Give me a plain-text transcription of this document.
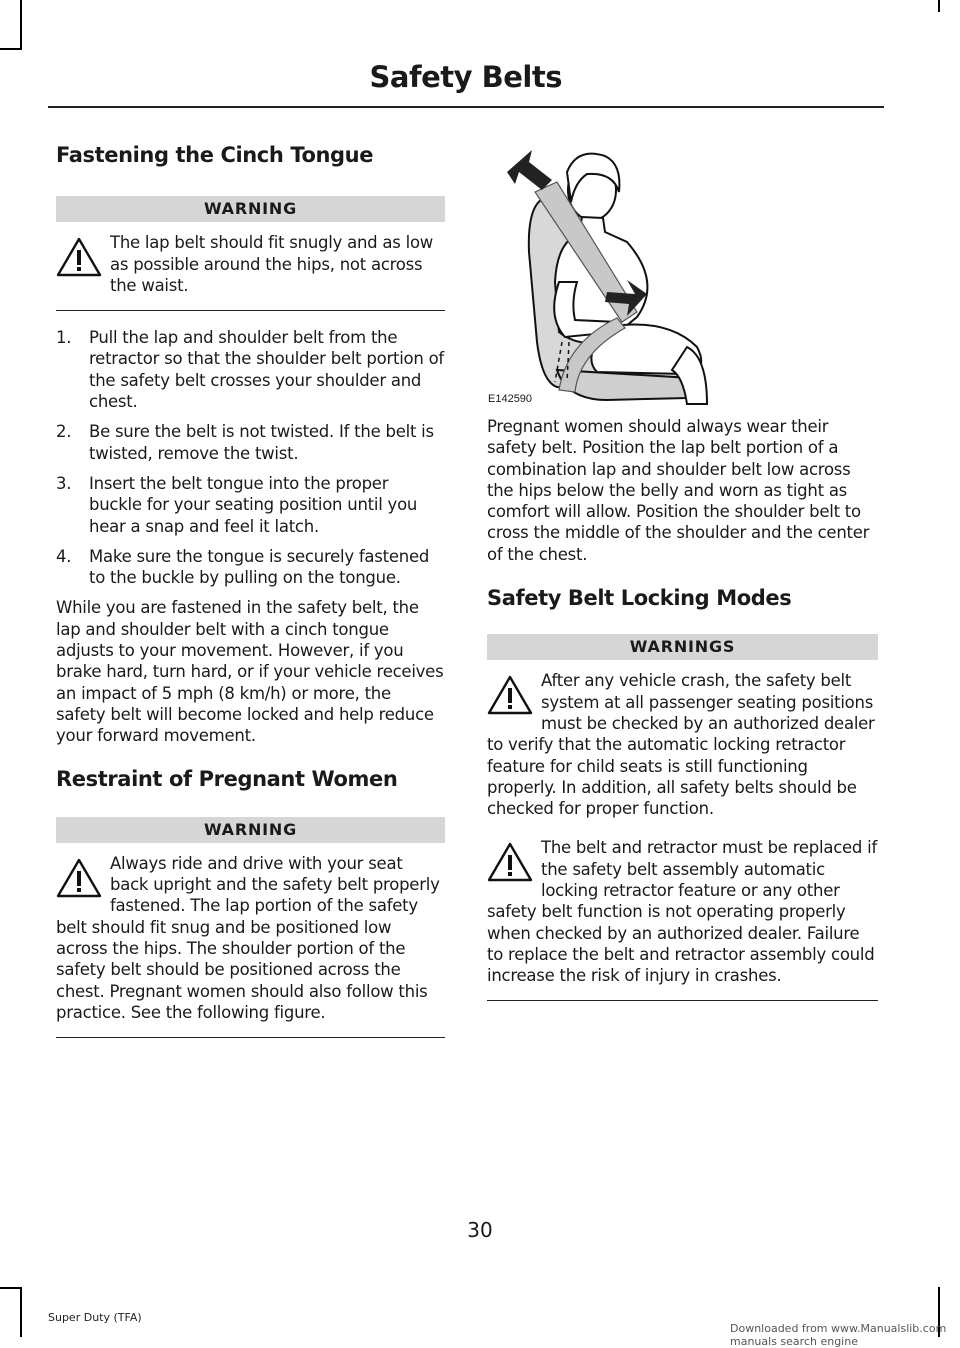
Safety Belts
Fastening the Cinch Tongue
WARNING

The lap belt should fit snugly and as low as possible around the hips, not across the waist.

1.	Pull the lap and shoulder belt from the retractor so that the shoulder belt portion of the safety belt crosses your shoulder and chest.
2.	Be sure the belt is not twisted. If the belt is twisted, remove the twist.
3.	Insert the belt tongue into the proper buckle for your seating position until you hear a snap and feel it latch.
4.	Make sure the tongue is securely fastened to the buckle by pulling on the tongue.

While you are fastened in the safety belt, the lap and shoulder belt with a cinch tongue adjusts to your movement. However, if you brake hard, turn hard, or if your vehicle receives an impact of 5 mph (8 km/h) or more, the safety belt will become locked and help reduce your forward movement.

Restraint of Pregnant Women
WARNING

Always ride and drive with your seat back upright and the safety belt properly fastened. The lap portion of the safety belt should fit snug and be positioned low across the hips. The shoulder portion of the safety belt should be positioned across the chest. Pregnant women should also follow this practice. See the following figure.

E142590

Pregnant women should always wear their safety belt. Position the lap belt portion of a combination lap and shoulder belt low across the hips below the belly and worn as tight as comfort will allow. Position the shoulder belt to cross the middle of the shoulder and the center of the chest.

Safety Belt Locking Modes
WARNINGS

After any vehicle crash, the safety belt system at all passenger seating positions must be checked by an authorized dealer to verify that the automatic locking retractor feature for child seats is still functioning properly. In addition, all safety belts should be checked for proper function.

The belt and retractor must be replaced if the safety belt assembly automatic locking retractor feature or any other safety belt function is not operating properly when checked by an authorized dealer. Failure to replace the belt and retractor assembly could increase the risk of injury in crashes.

30
Super Duty (TFA)
Downloaded from www.Manualslib.com manuals search engine
